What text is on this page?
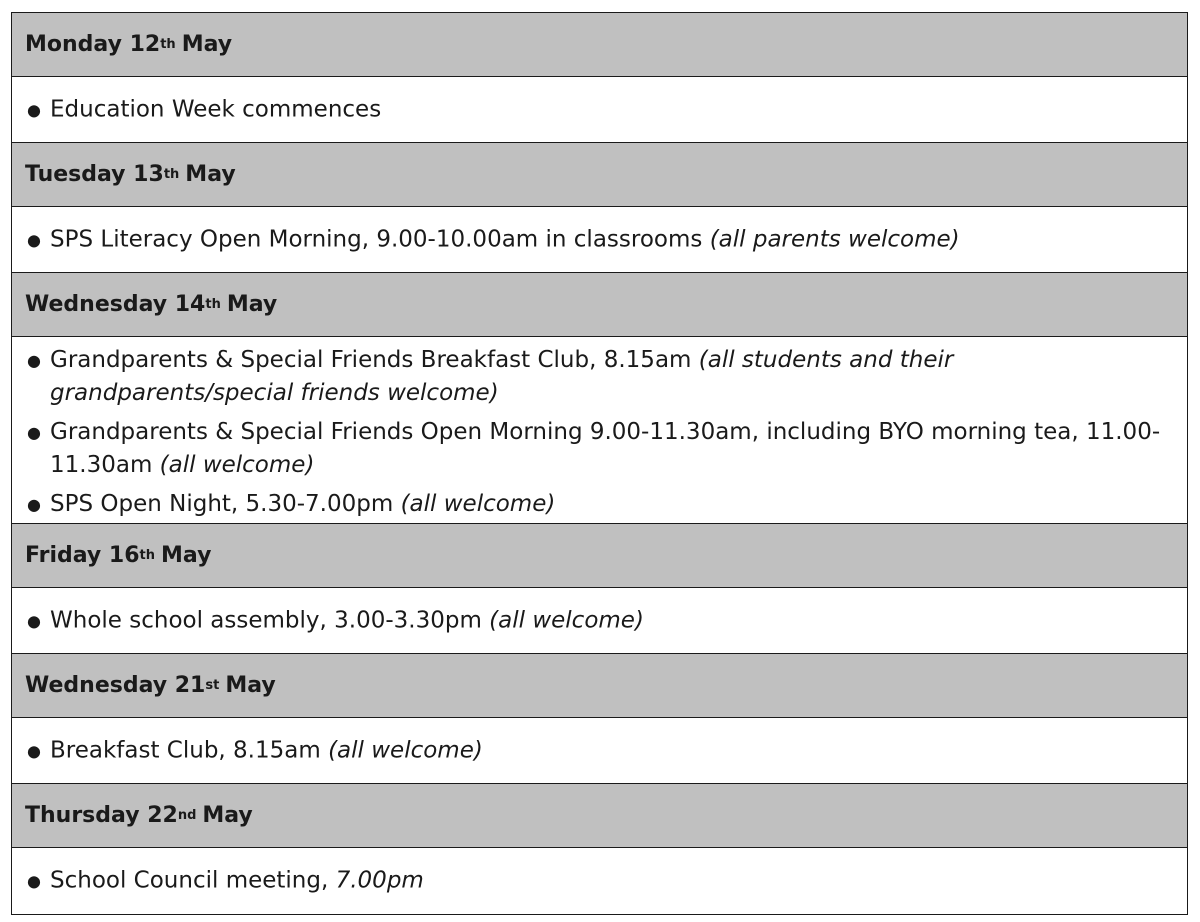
Monday 12 th May
● Education Week commences
Tuesday 13 th May
● SPS Literacy Open Morning, 9.00-10.00am in classrooms (all parents welcome)
Wednesday 14 th May
● Grandparents & Special Friends Breakfast Club, 8.15am (all students and their grandparents/special friends welcome)
● Grandparents & Special Friends Open Morning 9.00-11.30am, including BYO morning tea, 11.00-11.30am (all welcome)
● SPS Open Night, 5.30-7.00pm (all welcome)
Friday 16 th May
● Whole school assembly, 3.00-3.30pm (all welcome)
Wednesday 21 st May
● Breakfast Club, 8.15am (all welcome)
Thursday 22 nd May
● School Council meeting, 7.00pm
